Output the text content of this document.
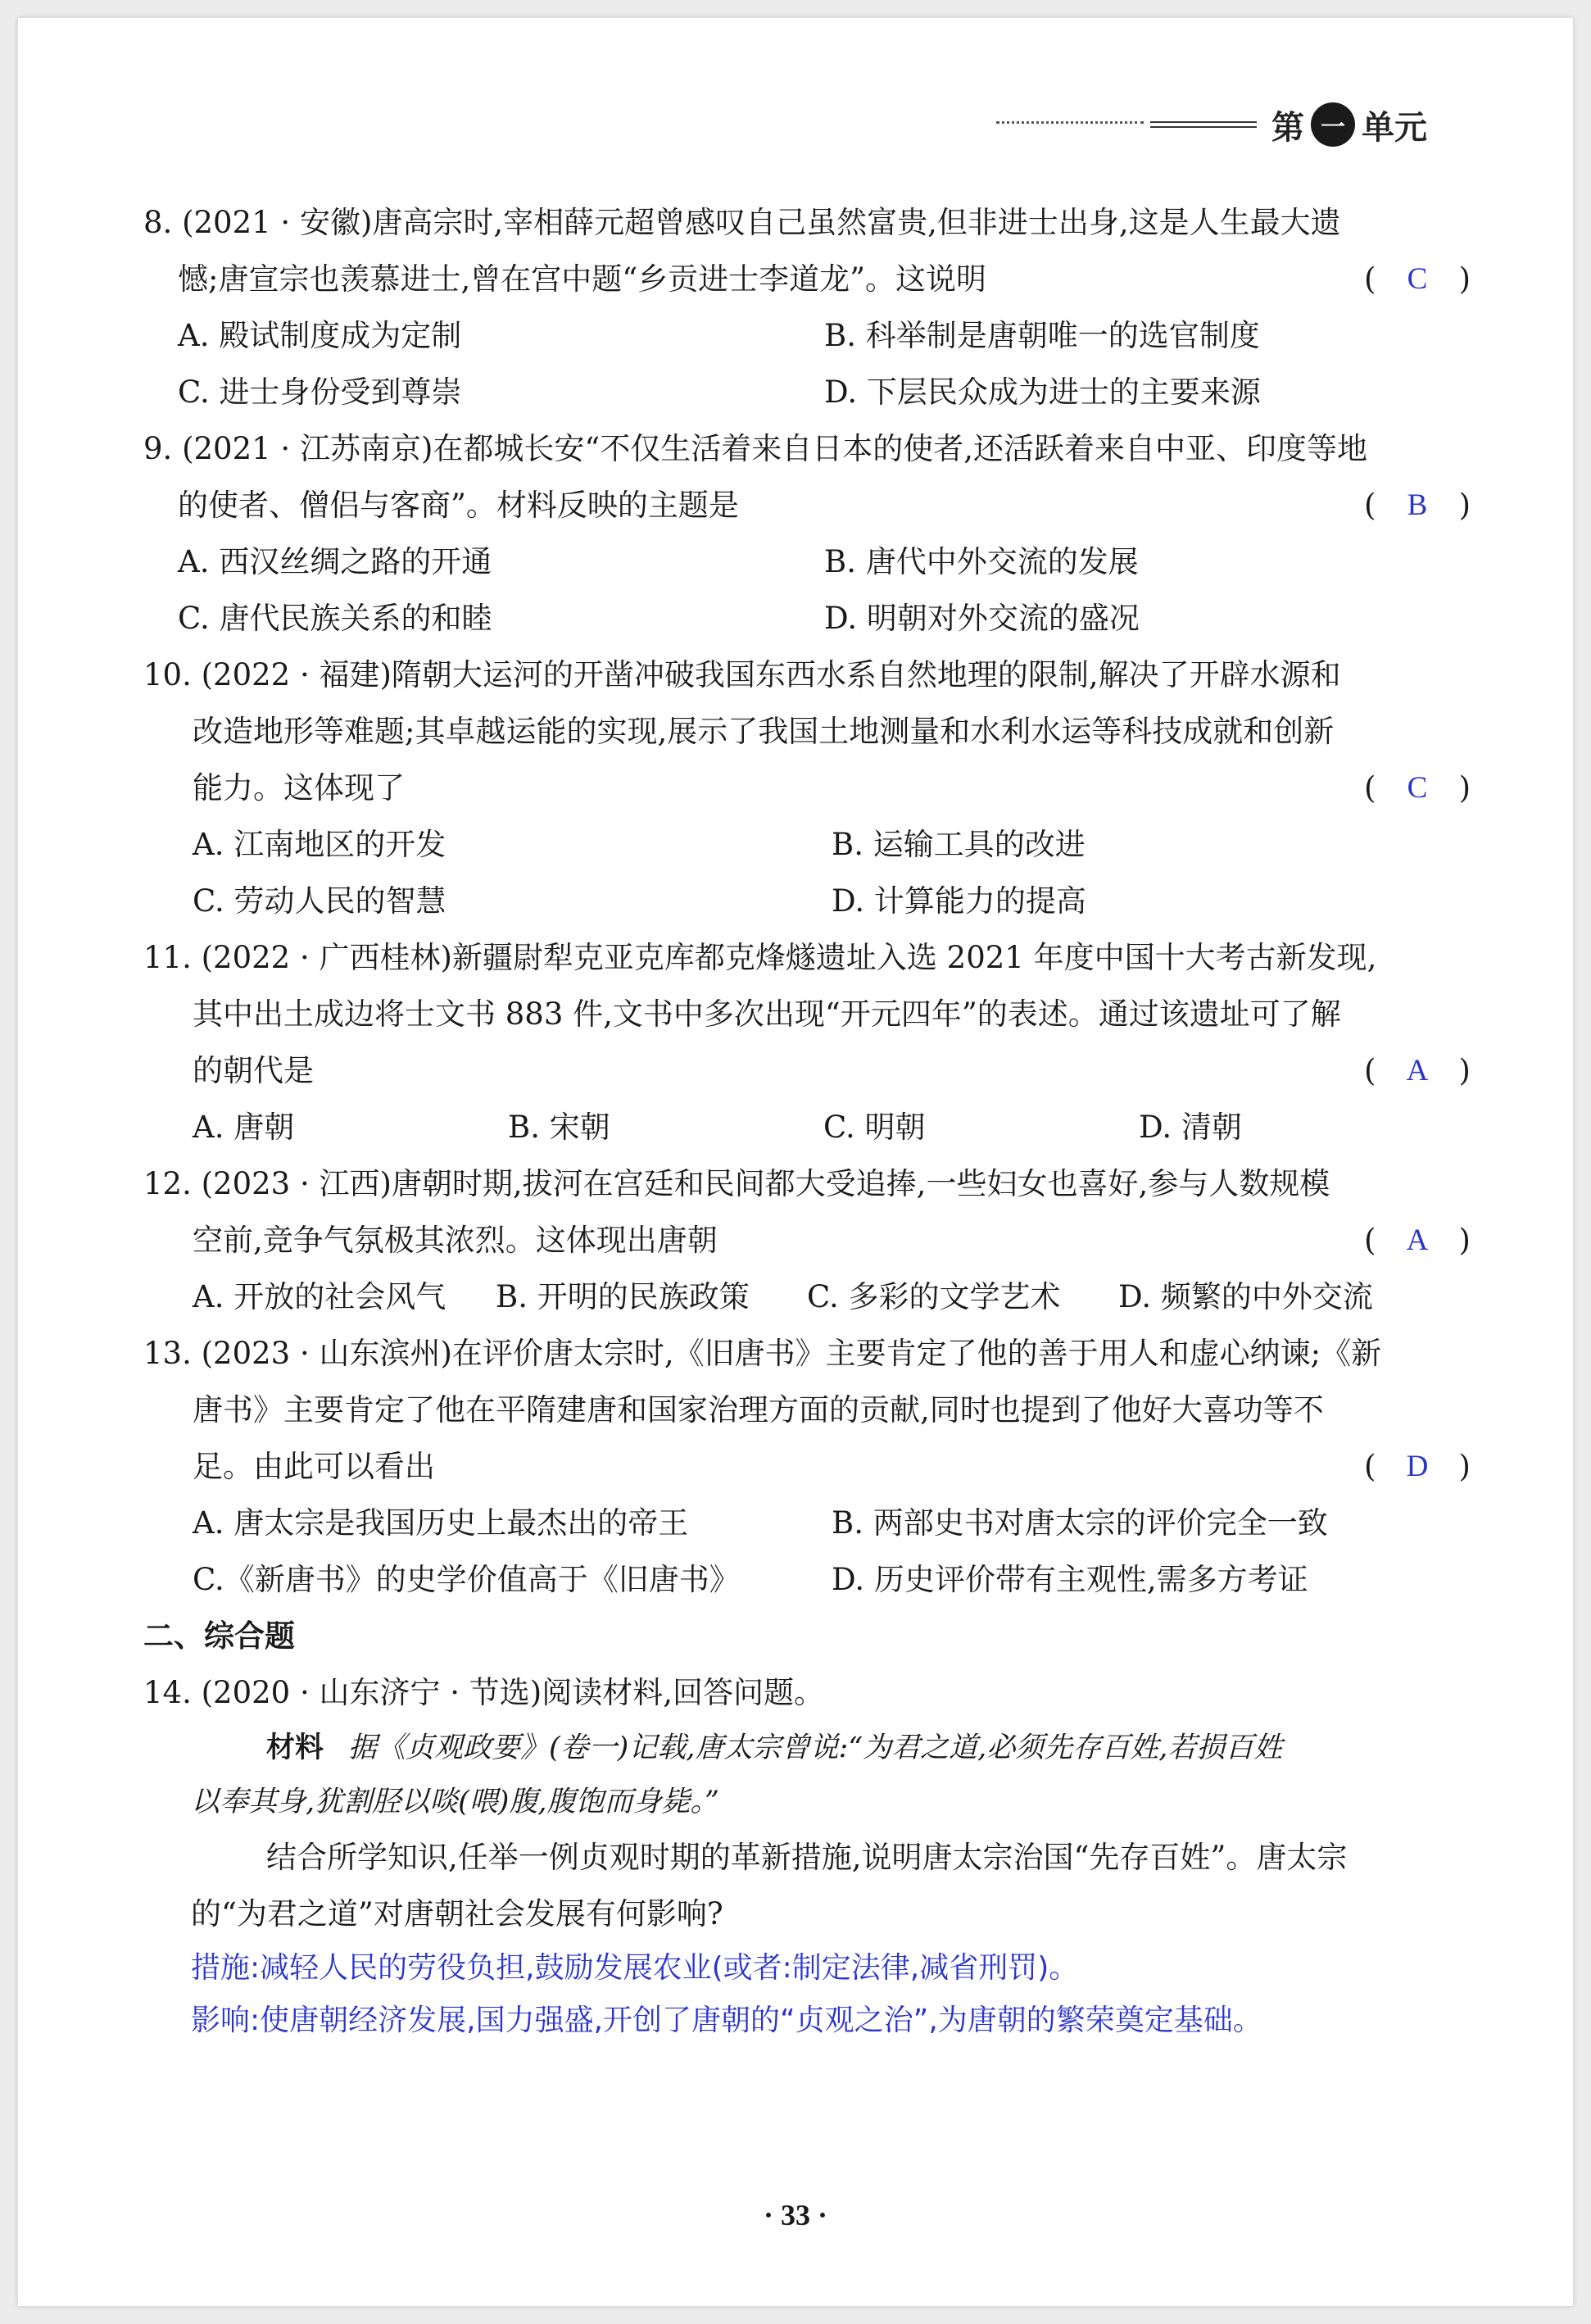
第 一 单元
8. (2021 · 安徽)唐高宗时,宰相薛元超曾感叹自己虽然富贵,但非进士出身,这是人生最大遗
憾;唐宣宗也羡慕进士,曾在宫中题“乡贡进士李道龙”。这说明	( C )
A. 殿试制度成为定制	B. 科举制是唐朝唯一的选官制度
C. 进士身份受到尊崇	D. 下层民众成为进士的主要来源
9. (2021 · 江苏南京)在都城长安“不仅生活着来自日本的使者,还活跃着来自中亚、印度等地
的使者、僧侣与客商”。材料反映的主题是	( B )
A. 西汉丝绸之路的开通	B. 唐代中外交流的发展
C. 唐代民族关系的和睦	D. 明朝对外交流的盛况
10. (2022 · 福建)隋朝大运河的开凿冲破我国东西水系自然地理的限制,解决了开辟水源和
改造地形等难题;其卓越运能的实现,展示了我国土地测量和水利水运等科技成就和创新
能力。这体现了	( C )
A. 江南地区的开发	B. 运输工具的改进
C. 劳动人民的智慧	D. 计算能力的提高
11. (2022 · 广西桂林)新疆尉犁克亚克库都克烽燧遗址入选 2021 年度中国十大考古新发现,
其中出土成边将士文书 883 件,文书中多次出现“开元四年”的表述。通过该遗址可了解
的朝代是	( A )
A. 唐朝	B. 宋朝	C. 明朝	D. 清朝
12. (2023 · 江西)唐朝时期,拔河在宫廷和民间都大受追捧,一些妇女也喜好,参与人数规模
空前,竞争气氛极其浓烈。这体现出唐朝	( A )
A. 开放的社会风气	B. 开明的民族政策	C. 多彩的文学艺术	D. 频繁的中外交流
13. (2023 · 山东滨州)在评价唐太宗时,《旧唐书》主要肯定了他的善于用人和虚心纳谏;《新
唐书》主要肯定了他在平隋建唐和国家治理方面的贡献,同时也提到了他好大喜功等不
足。由此可以看出	( D )
A. 唐太宗是我国历史上最杰出的帝王	B. 两部史书对唐太宗的评价完全一致
C.《新唐书》的史学价值高于《旧唐书》	D. 历史评价带有主观性,需多方考证
二、综合题
14. (2020 · 山东济宁 · 节选)阅读材料,回答问题。
材料 据《贞观政要》(卷一)记载,唐太宗曾说:“为君之道,必须先存百姓,若损百姓
以奉其身,犹割胫以啖(喂)腹,腹饱而身毙。”
结合所学知识,任举一例贞观时期的革新措施,说明唐太宗治国“先存百姓”。唐太宗
的“为君之道”对唐朝社会发展有何影响?
措施:减轻人民的劳役负担,鼓励发展农业(或者:制定法律,减省刑罚)。
影响:使唐朝经济发展,国力强盛,开创了唐朝的“贞观之治”,为唐朝的繁荣奠定基础。
· 33 ·
